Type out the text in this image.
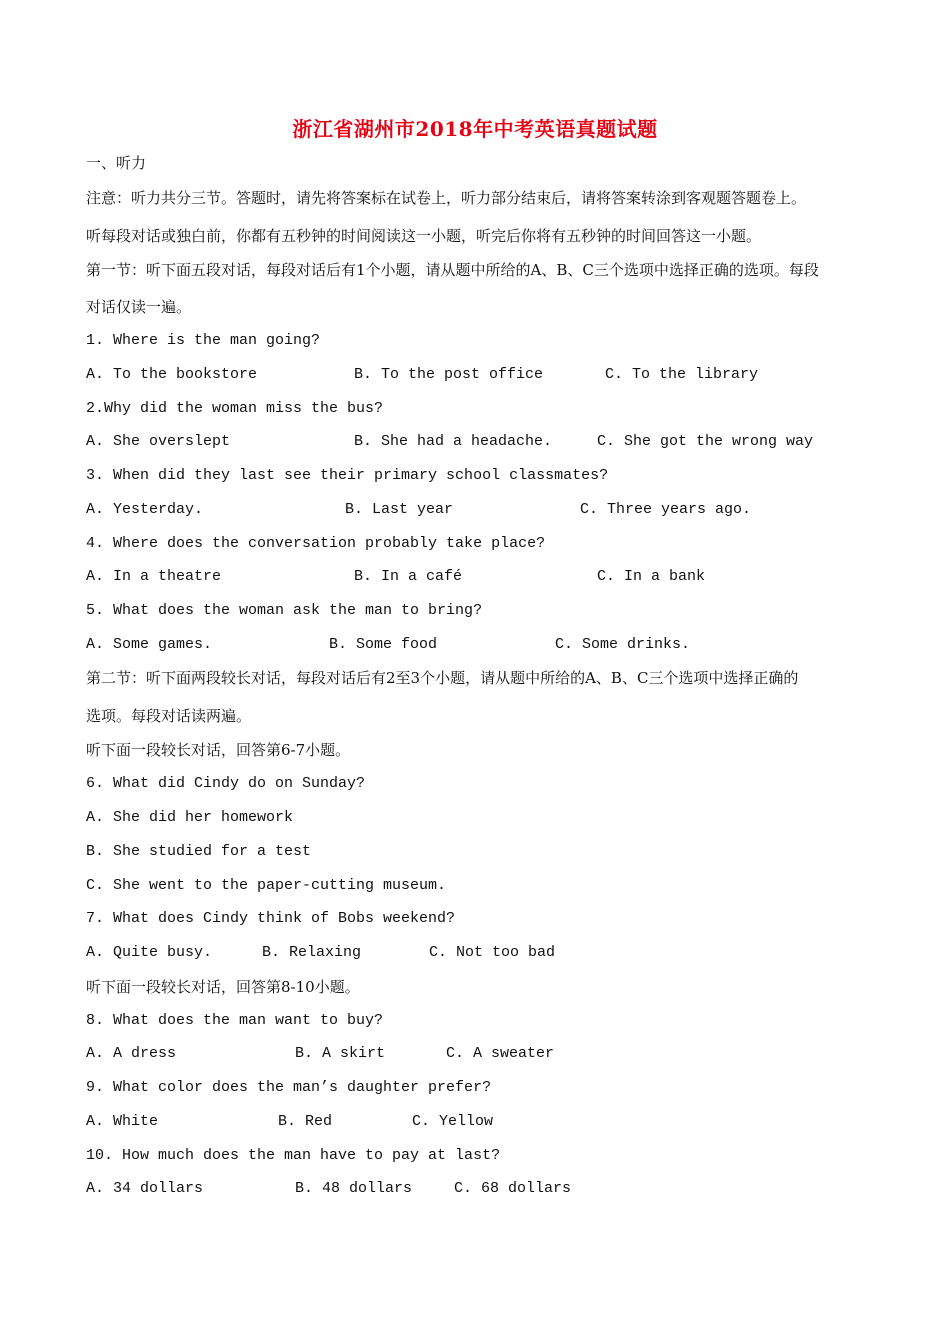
浙江省湖州市2018年中考英语真题试题
一、听力
注意：听力共分三节。答题时，请先将答案标在试卷上，听力部分结束后，请将答案转涂到客观题答题卷上。
听每段对话或独白前，你都有五秒钟的时间阅读这一小题，听完后你将有五秒钟的时间回答这一小题。
第一节：听下面五段对话，每段对话后有1个小题，请从题中所给的A、B、C三个选项中选择正确的选项。每段
对话仅读一遍。
1. Where is the man going?
A. To the bookstore	B. To the post office	C. To the library
2.Why did the woman miss the bus?
A. She overslept	B. She had a headache.	C. She got the wrong way
3. When did they last see their primary school classmates?
A. Yesterday.	B. Last year	C. Three years ago.
4. Where does the conversation probably take place?
A. In a theatre	B. In a café	C. In a bank
5. What does the woman ask the man to bring?
A. Some games.	B. Some food	C. Some drinks.
第二节：听下面两段较长对话，每段对话后有2至3个小题，请从题中所给的A、B、C三个选项中选择正确的
选项。每段对话读两遍。
听下面一段较长对话，回答第6-7小题。
6. What did Cindy do on Sunday?
A. She did her homework
B. She studied for a test
C. She went to the paper-cutting museum.
7. What does Cindy think of Bobs weekend?
A. Quite busy.	B. Relaxing	C. Not too bad
听下面一段较长对话，回答第8-10小题。
8. What does the man want to buy?
A. A dress	B. A skirt	C. A sweater
9. What color does the man’s daughter prefer?
A. White	B. Red	C. Yellow
10. How much does the man have to pay at last?
A. 34 dollars	B. 48 dollars	C. 68 dollars
